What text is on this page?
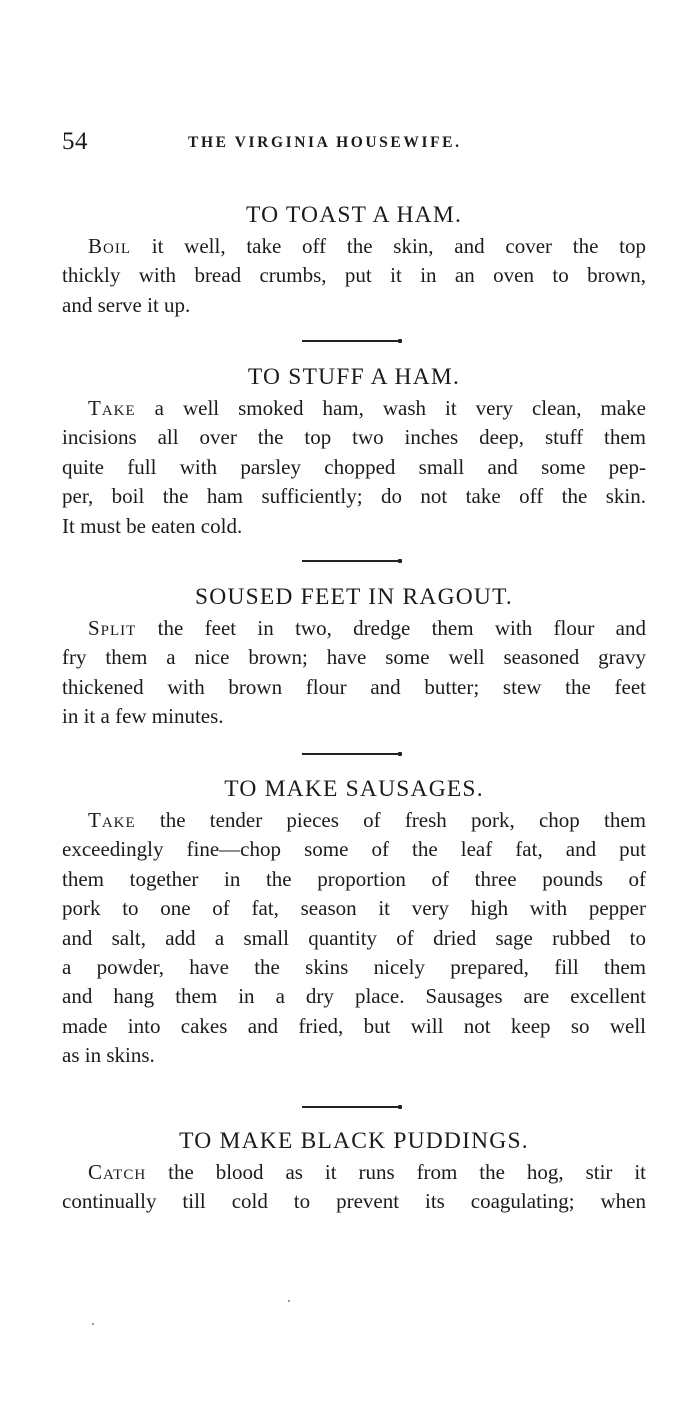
54	THE VIRGINIA HOUSEWIFE.
TO TOAST A HAM.

Boil it well, take off the skin, and cover the top
thickly with bread crumbs, put it in an oven to brown,
and serve it up.

TO STUFF A HAM.

Take a well smoked ham, wash it very clean, make
incisions all over the top two inches deep, stuff them
quite full with parsley chopped small and some pep-
per, boil the ham sufficiently; do not take off the skin.
It must be eaten cold.

SOUSED FEET IN RAGOUT.

Split the feet in two, dredge them with flour and
fry them a nice brown; have some well seasoned gravy
thickened with brown flour and butter; stew the feet
in it a few minutes.

TO MAKE SAUSAGES.

Take the tender pieces of fresh pork, chop them
exceedingly fine—chop some of the leaf fat, and put
them together in the proportion of three pounds of
pork to one of fat, season it very high with pepper
and salt, add a small quantity of dried sage rubbed to
a powder, have the skins nicely prepared, fill them
and hang them in a dry place. Sausages are excellent
made into cakes and fried, but will not keep so well
as in skins.

TO MAKE BLACK PUDDINGS.

Catch the blood as it runs from the hog, stir it
continually till cold to prevent its coagulating; when
